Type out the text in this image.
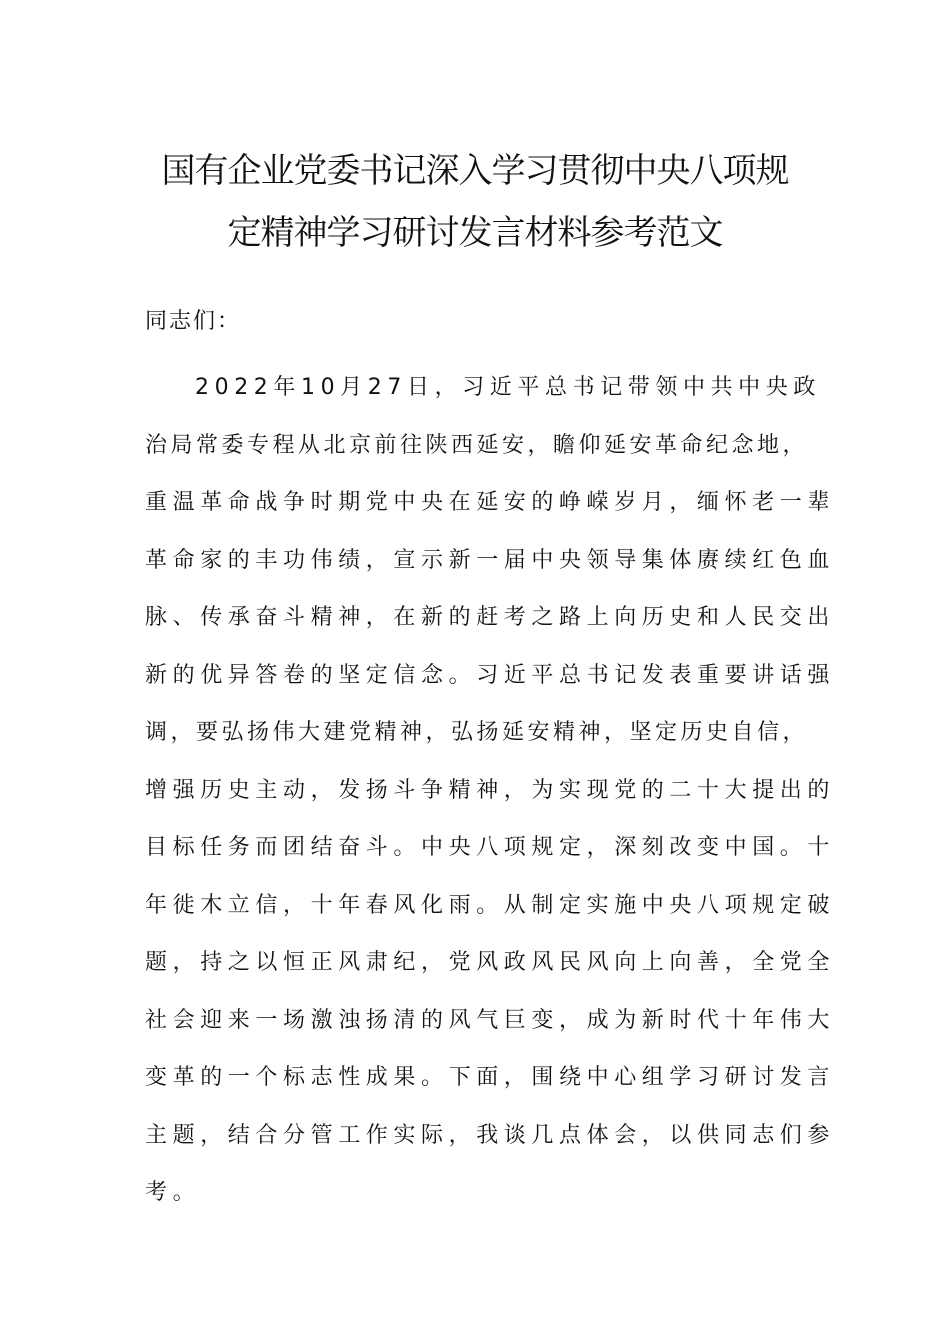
国有企业党委书记深入学习贯彻中央八项规
定精神学习研讨发言材料参考范文
同志们：
2022年10月27日，习近平总书记带领中共中央政
治局常委专程从北京前往陕西延安，瞻仰延安革命纪念地，
重温革命战争时期党中央在延安的峥嵘岁月，缅怀老一辈
革命家的丰功伟绩，宣示新一届中央领导集体赓续红色血
脉、传承奋斗精神，在新的赶考之路上向历史和人民交出
新的优异答卷的坚定信念。习近平总书记发表重要讲话强
调，要弘扬伟大建党精神，弘扬延安精神，坚定历史自信，
增强历史主动，发扬斗争精神，为实现党的二十大提出的
目标任务而团结奋斗。中央八项规定，深刻改变中国。十
年徙木立信，十年春风化雨。从制定实施中央八项规定破
题，持之以恒正风肃纪，党风政风民风向上向善，全党全
社会迎来一场激浊扬清的风气巨变，成为新时代十年伟大
变革的一个标志性成果。下面，围绕中心组学习研讨发言
主题，结合分管工作实际，我谈几点体会，以供同志们参
考。
